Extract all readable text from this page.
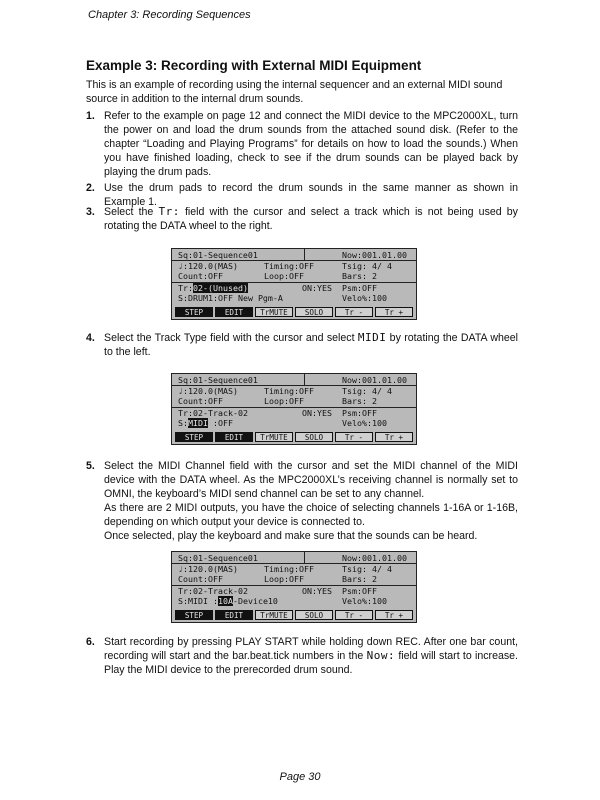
Chapter 3: Recording Sequences
Example 3: Recording with External MIDI Equipment
This is an example of recording using the internal sequencer and an external MIDI sound source in addition to the internal drum sounds.
1. Refer to the example on page 12 and connect the MIDI device to the MPC2000XL, turn the power on and load the drum sounds from the attached sound disk. (Refer to the chapter “Loading and Playing Programs” for details on how to load the sounds.) When you have finished loading, check to see if the drum sounds can be played back by playing the drum pads.
2. Use the drum pads to record the drum sounds in the same manner as shown in Example 1.
3. Select the Tr: field with the cursor and select a track which is not being used by rotating the DATA wheel to the right.
Sq:01-Sequence01	Now:001.01.00
♩:120.0(MAS)	Timing:OFF	Tsig: 4/ 4
Count:OFF	Loop:OFF	Bars: 2
Tr:02-(Unused)	ON:YES Psm:OFF
S:DRUM1:OFF New Pgm-A	Velo%:100
STEP	EDIT	TrMUTE	SOLO	Tr -	Tr +
4. Select the Track Type field with the cursor and select MIDI by rotating the DATA wheel to the left.
Sq:01-Sequence01	Now:001.01.00
♩:120.0(MAS)	Timing:OFF	Tsig: 4/ 4
Count:OFF	Loop:OFF	Bars: 2
Tr:02-Track-02	ON:YES Psm:OFF
S:MIDI :OFF	Velo%:100
STEP	EDIT	TrMUTE	SOLO	Tr -	Tr +
5. Select the MIDI Channel field with the cursor and set the MIDI channel of the MIDI device with the DATA wheel. As the MPC2000XL’s receiving channel is normally set to OMNI, the keyboard’s MIDI send channel can be set to any channel.

As there are 2 MIDI outputs, you have the choice of selecting channels 1-16A or 1-16B, depending on which output your device is connected to.

Once selected, play the keyboard and make sure that the sounds can be heard.

Sq:01-Sequence01	Now:001.01.00
♩:120.0(MAS)	Timing:OFF	Tsig: 4/ 4
Count:OFF	Loop:OFF	Bars: 2
Tr:02-Track-02	ON:YES Psm:OFF
S:MIDI :10A-Device10	Velo%:100
STEP	EDIT	TrMUTE	SOLO	Tr -	Tr +
6. Start recording by pressing PLAY START while holding down REC. After one bar count, recording will start and the bar.beat.tick numbers in the Now: field will start to increase. Play the MIDI device to the prerecorded drum sound.
Page 30
